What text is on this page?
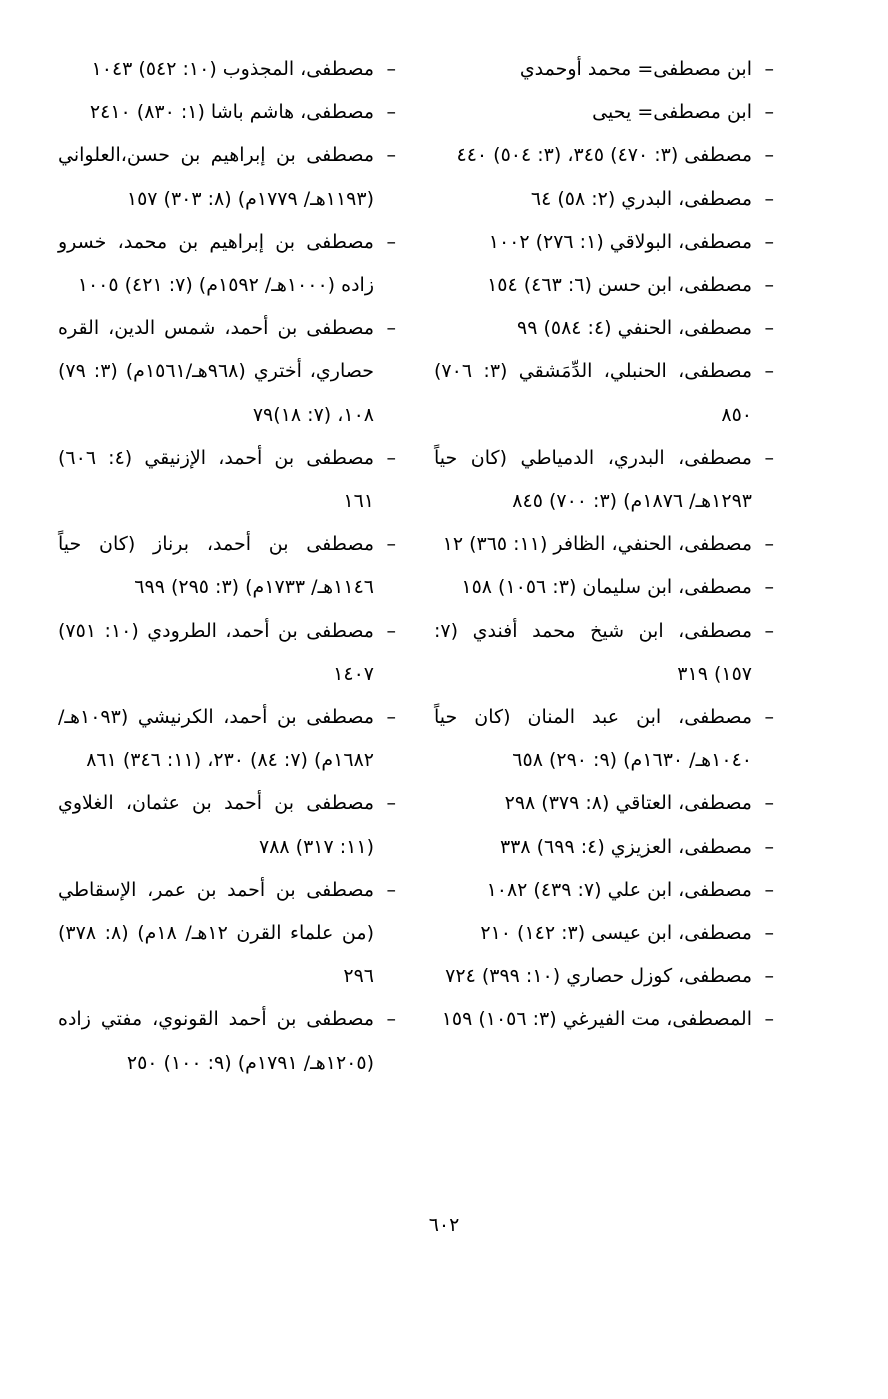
– ابن مصطفى= محمد أوحمدي

– ابن مصطفى= يحيى

– مصطفى (٣: ٤٧٠) ٣٤٥، (٣: ٥٠٤) ٤٤٠

– مصطفى، البدري (٢: ٥٨) ٦٤

– مصطفى، البولاقي (١: ٢٧٦) ١٠٠٢

– مصطفى، ابن حسن (٦: ٤٦٣) ١٥٤

– مصطفى، الحنفي (٤: ٥٨٤) ٩٩

– مصطفى، الحنبلي، الدِّمَشقي (٣: ٧٠٦) ٨٥٠

– مصطفى، البدري، الدمياطي (كان حياً ١٢٩٣هـ/ ١٨٧٦م) (٣: ٧٠٠) ٨٤٥

– مصطفى، الحنفي، الظافر (١١: ٣٦٥) ١٢

– مصطفى، ابن سليمان (٣: ١٠٥٦) ١٥٨

– مصطفى، ابن شيخ محمد أفندي (٧: ١٥٧) ٣١٩

– مصطفى، ابن عبد المنان (كان حياً ١٠٤٠هـ/ ١٦٣٠م) (٩: ٢٩٠) ٦٥٨

– مصطفى، العتاقي (٨: ٣٧٩) ٢٩٨

– مصطفى، العزيزي (٤: ٦٩٩) ٣٣٨

– مصطفى، ابن علي (٧: ٤٣٩) ١٠٨٢

– مصطفى، ابن عيسى (٣: ١٤٢) ٢١٠

– مصطفى، كوزل حصاري (١٠: ٣٩٩) ٧٢٤

– المصطفى، مت الفيرغي (٣: ١٠٥٦) ١٥٩

– مصطفى، المجذوب (١٠: ٥٤٢) ١٠٤٣

– مصطفى، هاشم باشا (١: ٨٣٠) ٢٤١٠

– مصطفى بن إبراهيم بن حسن،العلواني (١١٩٣هـ/ ١٧٧٩م) (٨: ٣٠٣) ١٥٧

– مصطفى بن إبراهيم بن محمد، خسرو زاده (١٠٠٠هـ/ ١٥٩٢م) (٧: ٤٢١) ١٠٠٥

– مصطفى بن أحمد، شمس الدين، القره حصاري، أختري (٩٦٨هـ/١٥٦١م) (٣: ٧٩) ١٠٨، (٧: ١٨)٧٩

– مصطفى بن أحمد، الإزنيقي (٤: ٦٠٦) ١٦١

– مصطفى بن أحمد، برناز (كان حياً ١١٤٦هـ/ ١٧٣٣م) (٣: ٢٩٥) ٦٩٩

– مصطفى بن أحمد، الطرودي (١٠: ٧٥١) ١٤٠٧

– مصطفى بن أحمد، الكرنيشي (١٠٩٣هـ/ ١٦٨٢م) (٧: ٨٤) ٢٣٠، (١١: ٣٤٦) ٨٦١

– مصطفى بن أحمد بن عثمان، الغلاوي (١١: ٣١٧) ٧٨٨

– مصطفى بن أحمد بن عمر، الإسقاطي (من علماء القرن ١٢هـ/ ١٨م) (٨: ٣٧٨) ٢٩٦

– مصطفى بن أحمد القونوي، مفتي زاده (١٢٠٥هـ/ ١٧٩١م) (٩: ١٠٠) ٢٥٠

٦٠٢
